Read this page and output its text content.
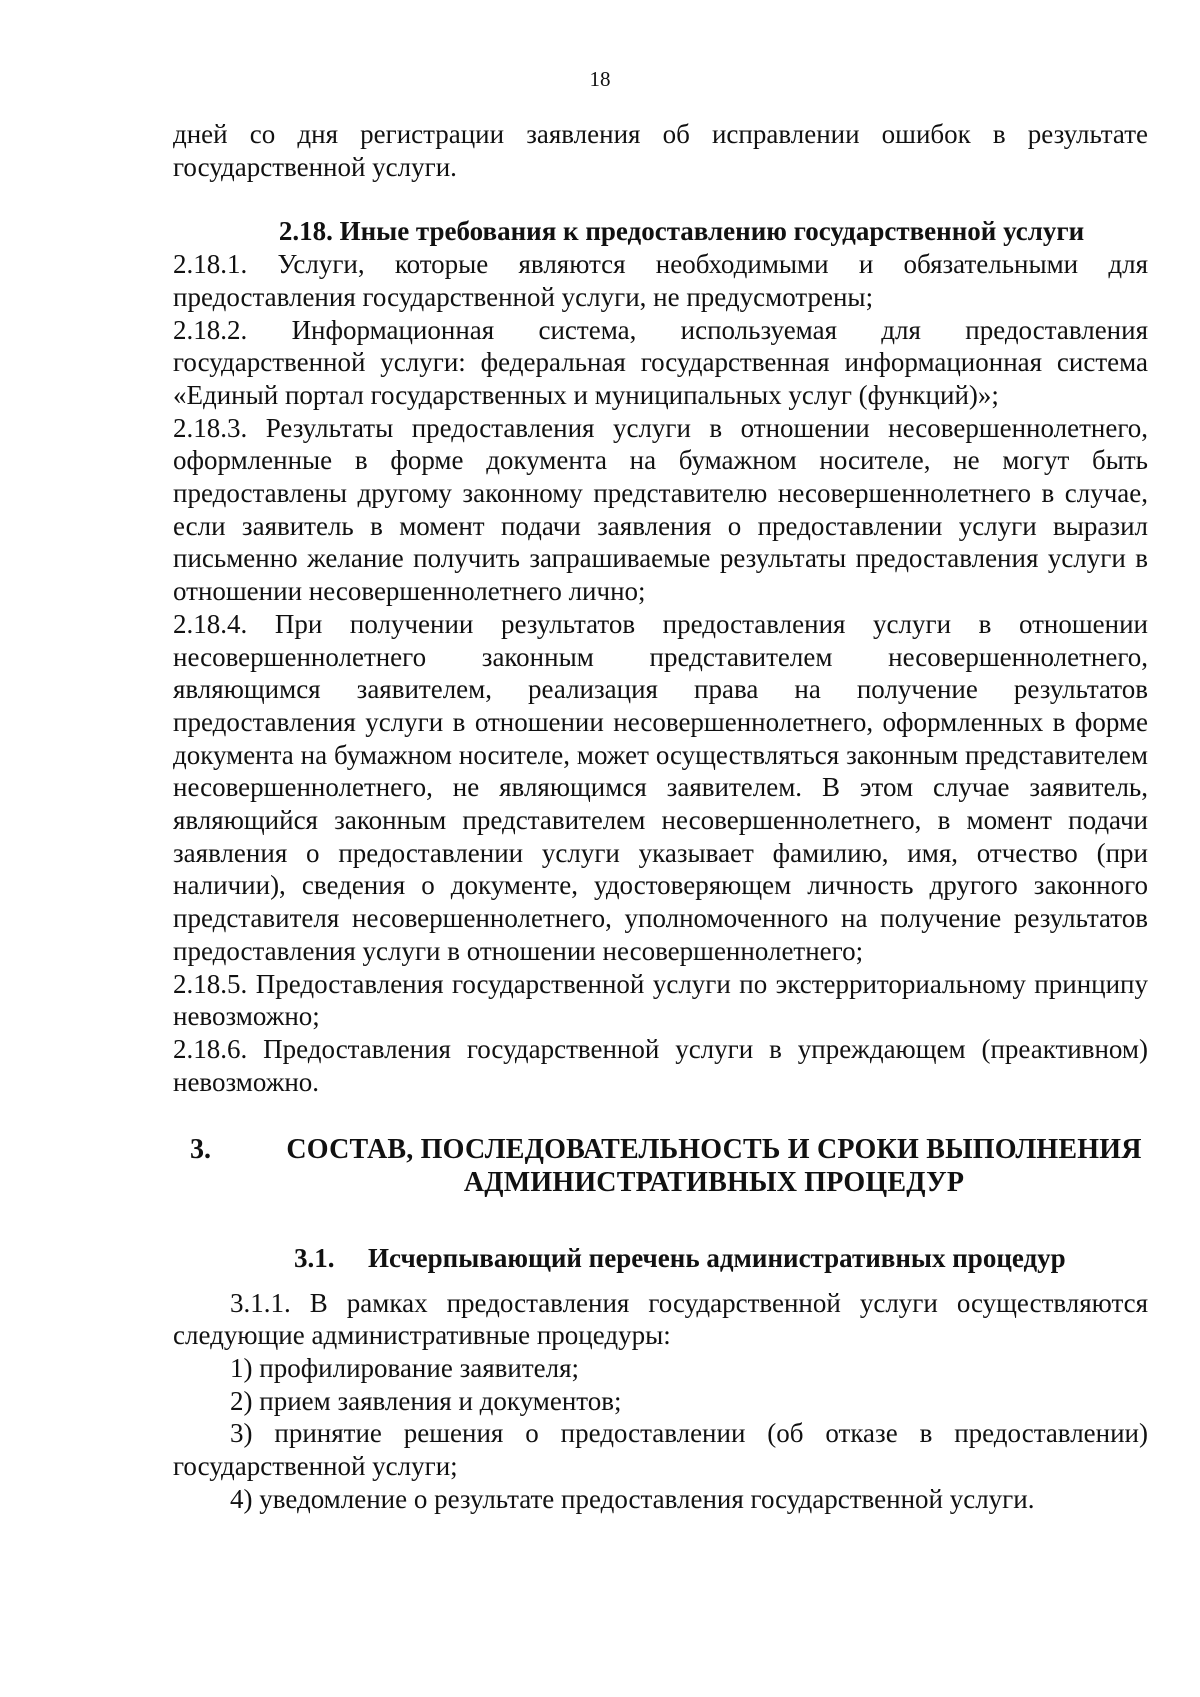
18

дней со дня регистрации заявления об исправлении ошибок в результате государственной услуги.

2.18. Иные требования к предоставлению государственной услуги

2.18.1. Услуги, которые являются необходимыми и обязательными для предоставления государственной услуги, не предусмотрены;

2.18.2. Информационная система, используемая для предоставления государственной услуги: федеральная государственная информационная система «Единый портал государственных и муниципальных услуг (функций)»;

2.18.3. Результаты предоставления услуги в отношении несовершеннолетнего, оформленные в форме документа на бумажном носителе, не могут быть предоставлены другому законному представителю несовершеннолетнего в случае, если заявитель в момент подачи заявления о предоставлении услуги выразил письменно желание получить запрашиваемые результаты предоставления услуги в отношении несовершеннолетнего лично;

2.18.4. При получении результатов предоставления услуги в отношении несовершеннолетнего законным представителем несовершеннолетнего, являющимся заявителем, реализация права на получение результатов предоставления услуги в отношении несовершеннолетнего, оформленных в форме документа на бумажном носителе, может осуществляться законным представителем несовершеннолетнего, не являющимся заявителем. В этом случае заявитель, являющийся законным представителем несовершеннолетнего, в момент подачи заявления о предоставлении услуги указывает фамилию, имя, отчество (при наличии), сведения о документе, удостоверяющем личность другого законного представителя несовершеннолетнего, уполномоченного на получение результатов предоставления услуги в отношении несовершеннолетнего;

2.18.5. Предоставления государственной услуги по экстерриториальному принципу невозможно;

2.18.6. Предоставления государственной услуги в упреждающем (преактивном) невозможно.

3.	СОСТАВ, ПОСЛЕДОВАТЕЛЬНОСТЬ И СРОКИ ВЫПОЛНЕНИЯ АДМИНИСТРАТИВНЫХ ПРОЦЕДУР
3.1.	Исчерпывающий перечень административных процедур

3.1.1. В рамках предоставления государственной услуги осуществляются следующие административные процедуры:

1) профилирование заявителя;

2) прием заявления и документов;

3) принятие решения о предоставлении (об отказе в предоставлении) государственной услуги;

4) уведомление о результате предоставления государственной услуги.
